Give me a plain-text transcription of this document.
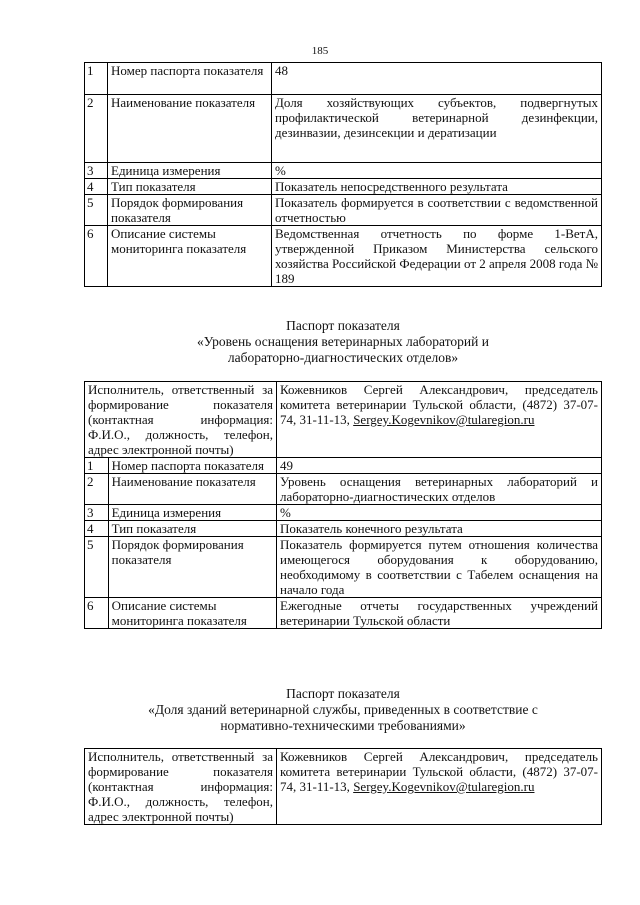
185
1	Номер паспорта показателя	48
2	Наименование показателя	Доля хозяйствующих субъектов, подвергнутых профилактической ветеринарной дезинфекции, дезинвазии, дезинсекции и дератизации
3	Единица измерения	%
4	Тип показателя	Показатель непосредственного результата
5	Порядок формирования показателя	Показатель формируется в соответствии с ведомственной отчетностью
6	Описание системы мониторинга показателя	Ведомственная отчетность по форме 1-ВетА, утвержденной Приказом Министерства сельского хозяйства Российской Федерации от 2 апреля 2008 года № 189
Паспорт показателя
«Уровень оснащения ветеринарных лабораторий и
лабораторно-диагностических отделов»
Исполнитель, ответственный за формирование показателя (контактная информация: Ф.И.О., должность, телефон, адрес электронной почты)		Кожевников Сергей Александрович, председатель комитета ветеринарии Тульской области, (4872) 37-07-74, 31-11-13, Sergey.Kogevnikov@tularegion.ru
1	Номер паспорта показателя	49
2	Наименование показателя	Уровень оснащения ветеринарных лабораторий и лабораторно-диагностических отделов
3	Единица измерения	%
4	Тип показателя	Показатель конечного результата
5	Порядок формирования показателя	Показатель формируется путем отношения количества имеющегося оборудования к оборудованию, необходимому в соответствии с Табелем оснащения на начало года
6	Описание системы мониторинга показателя	Ежегодные отчеты государственных учреждений ветеринарии Тульской области
Паспорт показателя
«Доля зданий ветеринарной службы, приведенных в соответствие с
нормативно-техническими требованиями»
Исполнитель, ответственный за формирование показателя (контактная информация: Ф.И.О., должность, телефон, адрес электронной почты)	Кожевников Сергей Александрович, председатель комитета ветеринарии Тульской области, (4872) 37-07-74, 31-11-13, Sergey.Kogevnikov@tularegion.ru
